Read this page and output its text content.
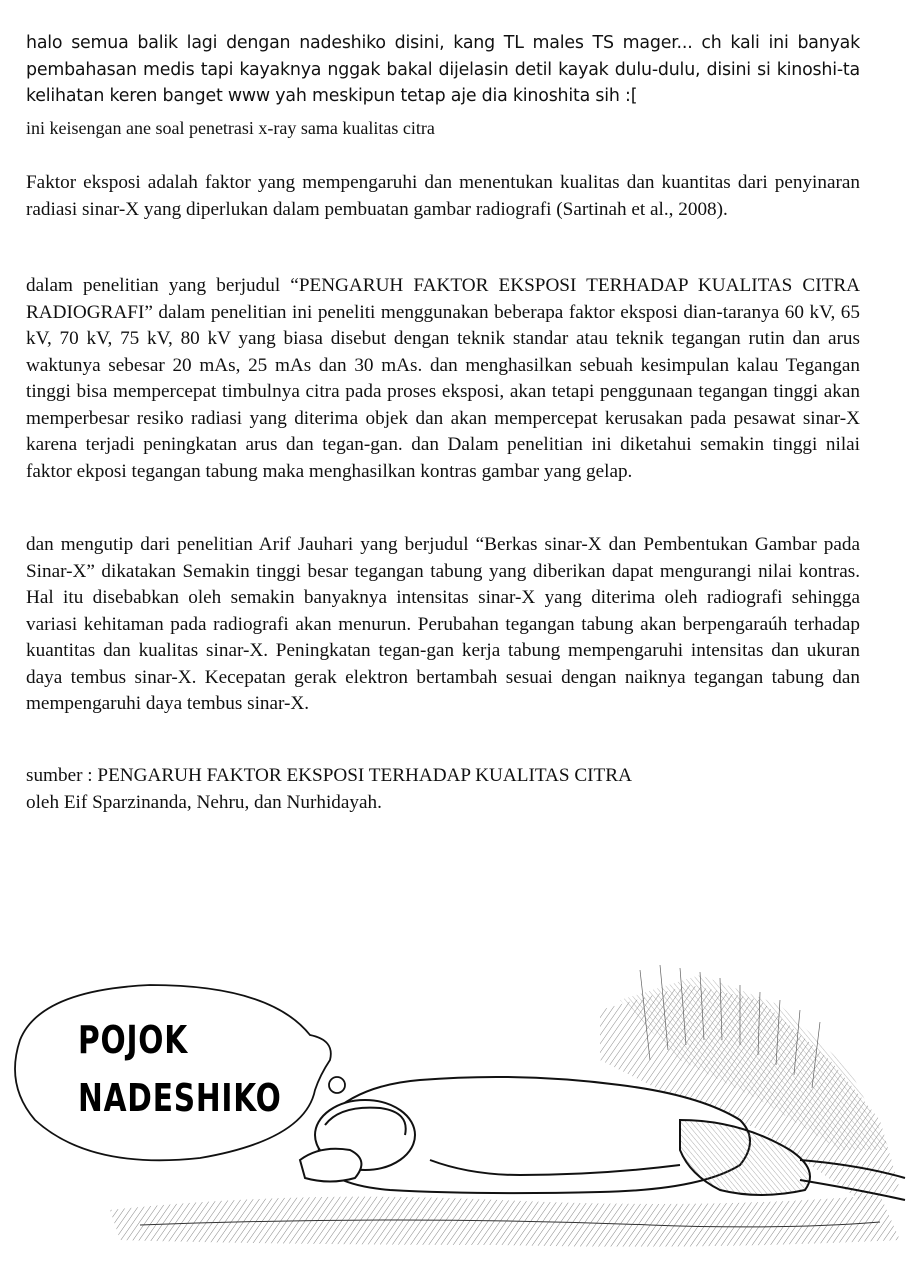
halo semua balik lagi dengan nadeshiko disini, kang TL males TS mager... ch kali ini banyak pembahasan medis tapi kayaknya nggak bakal dijelasin detil kayak dulu-dulu, disini si kinoshi-ta kelihatan keren banget www yah meskipun tetap aje dia kinoshita sih :[

ini keisengan ane soal penetrasi x-ray sama kualitas citra

Faktor eksposi adalah faktor yang mempengaruhi dan menentukan kualitas dan kuantitas dari penyinaran radiasi sinar-X yang diperlukan dalam pembuatan gambar radiografi (Sartinah et al., 2008).

dalam penelitian yang berjudul “PENGARUH FAKTOR EKSPOSI TERHADAP KUALITAS CITRA RADIOGRAFI” dalam penelitian ini peneliti menggunakan beberapa faktor eksposi dian-taranya 60 kV, 65 kV, 70 kV, 75 kV, 80 kV yang biasa disebut dengan teknik standar atau teknik tegangan rutin dan arus waktunya sebesar 20 mAs, 25 mAs dan 30 mAs. dan menghasilkan sebuah kesimpulan kalau Tegangan tinggi bisa mempercepat timbulnya citra pada proses eksposi, akan tetapi penggunaan tegangan tinggi akan memperbesar resiko radiasi yang diterima objek dan akan mempercepat kerusakan pada pesawat sinar-X karena terjadi peningkatan arus dan tegan-gan. dan Dalam penelitian ini diketahui semakin tinggi nilai faktor ekposi tegangan tabung maka menghasilkan kontras gambar yang gelap.

dan mengutip dari penelitian Arif Jauhari yang berjudul “Berkas sinar-X dan Pembentukan Gambar pada Sinar-X” dikatakan Semakin tinggi besar tegangan tabung yang diberikan dapat mengurangi nilai kontras. Hal itu disebabkan oleh semakin banyaknya intensitas sinar-X yang diterima oleh radiografi sehingga variasi kehitaman pada radiografi akan menurun. Perubahan tegangan tabung akan berpengaraúh terhadap kuantitas dan kualitas sinar-X. Peningkatan tegan-gan kerja tabung mempengaruhi intensitas dan ukuran daya tembus sinar-X. Kecepatan gerak elektron bertambah sesuai dengan naiknya tegangan tabung dan mempengaruhi daya tembus sinar-X.

sumber : PENGARUH FAKTOR EKSPOSI TERHADAP KUALITAS CITRA
oleh Eif Sparzinanda, Nehru, dan Nurhidayah.

POJOK

NADESHIKO
